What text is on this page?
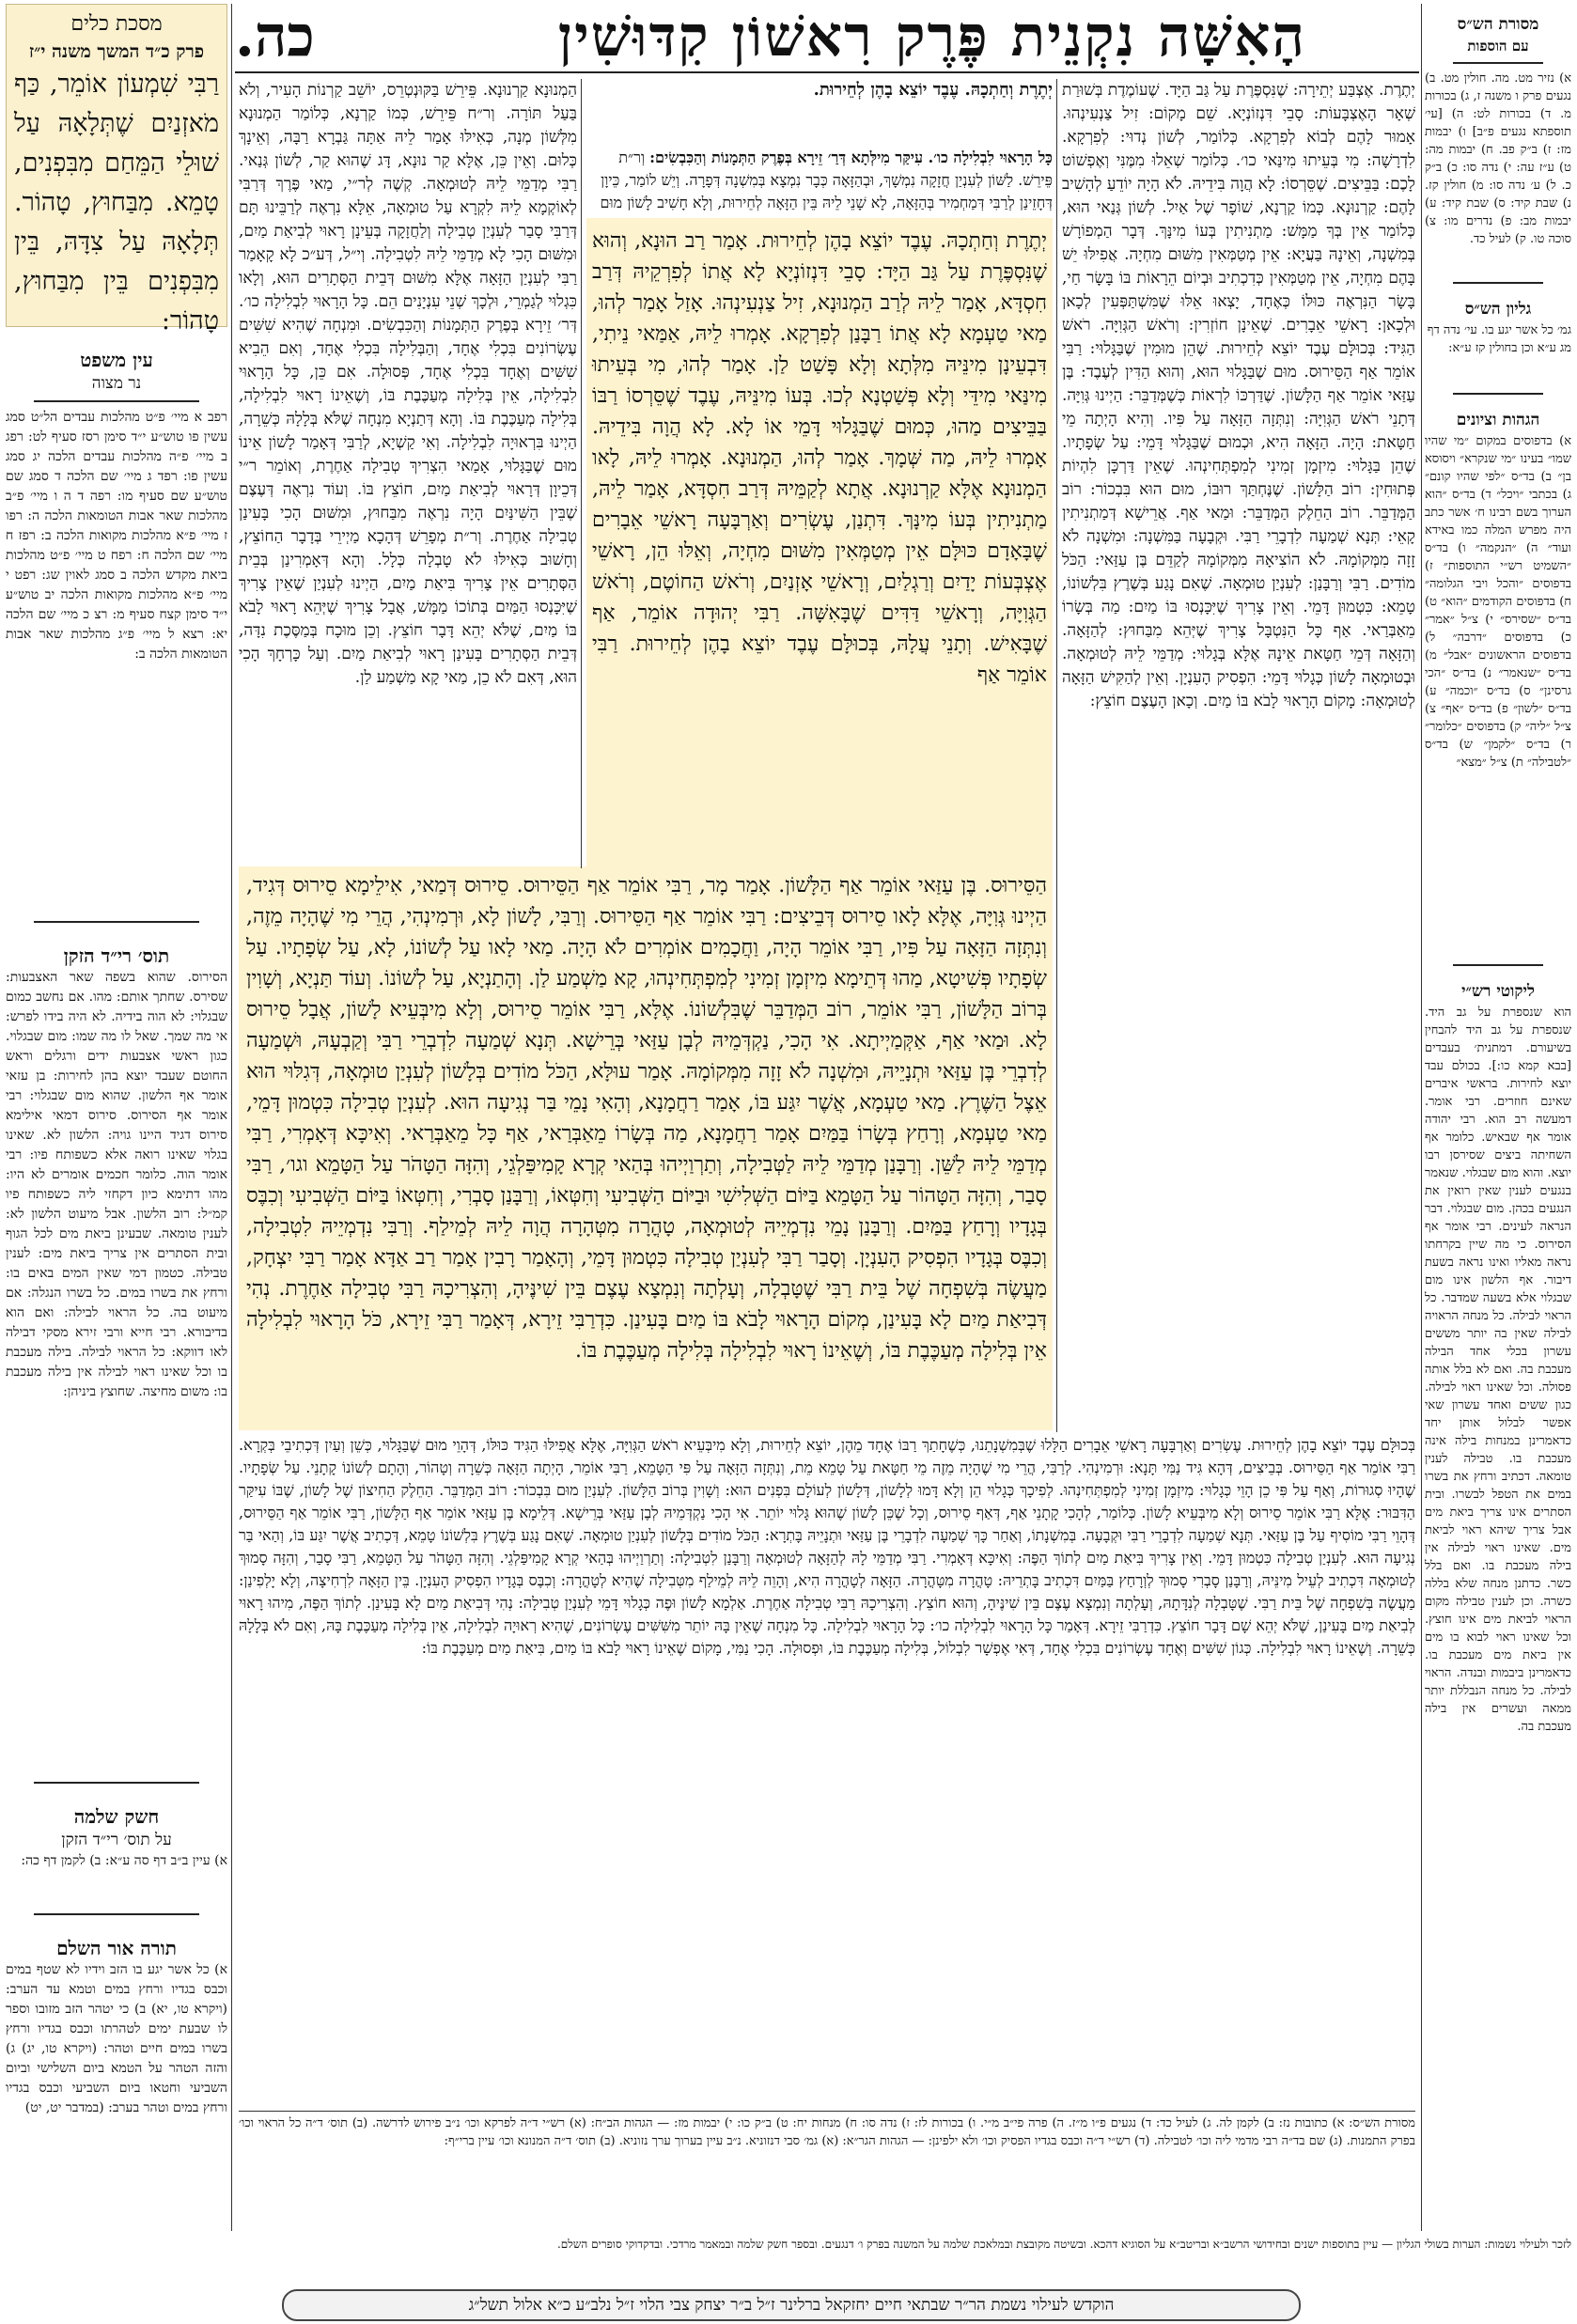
הָאִשָּׁה נִקְנֵית פֶּרֶק רִאשׁוֹן קִדּוּשִׁין
כה.	מסורת הש״ס
עם הוספות
א) נזיר מט. מה. חולין מט. ב) נגעים פרק ו משנה ז, ג) בכורות מ. ד) בכורות לט: ה) [עי׳ תוספתא נגעים פ״ב] ו) יבמות מז: ז) ב״ק פב. ח) יבמות מה: ט) ע״ז עה: י) נדה סו: כ) ב״ק כ. ל) ע׳ נדה סו: מ) חולין קז. נ) שבת קיד: ס) שבת קיד: ע) יבמות מב: פ) נדרים מו: צ) סוכה טו. ק) לעיל כד.
גליון הש״ס
גמ׳ כל אשר יגע בו. עי׳ נדה דף מג ע״א וכן בחולין קז ע״א:
הגהות וציונים
א) בדפוסים במקום ״מי שהיו שמו״ בעינו ״מי שנקרא״ ויסוסא בן״ ב) בד״ס ״לפי שהיו קונם״ ג) בכתבי ״ויכל״ ד) בד״ס ״הוא הערוך בשם רבינו ח׳ אשר כתב היה מפרש המלה כמו באידא ועוד״ ה) ״הנקמה״ ו) בד״ס ״השמיט רש״י התוספות״ ז) בדפוסים ״והכל ויבי הגלומה״ ח) בדפוסים הקודמים ״הוא״ ט) בד״ס ״שסירס״ י) צ״ל ״אמר״ כ) בדפוסים ״דרבה״ ל) בדפוסים הראשונים ״אבל״ מ) בד״ס ״שנאמר״ נ) בד״ס ״הכי גרסינן״ ס) בד״ס ״וכמה״ ע) בד״ס ״לשון״ פ) בד״ס ״אף״ צ) צ״ל ״ליה״ ק) בדפוסים ״כלומר״ ר) בד״ס ״לקמן״ ש) בד״ס ״לטבילה״ ת) צ״ל ״מצא״
ליקוטי רש״י
הוא שנספרת על גב היד. שנספרת על גב היד להבחין בשיעורם. דמתנית׳ בעבדים [בבא קמא כו:]. בכולם עבד יוצא לחירות. בראשי איברים שאינם חוזרים. רבי אומר. דמעשה רב הוא. רבי יהודה אומר אף שבאיש. כלומר אף השחיתה ביצים שסירסן רבו יוצא. והוא מום שבגלוי. שנאמר בנגעים לענין שאין רואין את הנגעים בכהן. מום שבגלוי. דבר הנראה לעינים. רבי אומר אף הסירוס. כי מה שיין בקרחתו נראה מאליו ואינו נראה בשעת דיבור. אף הלשון אינו מום שבגלוי אלא בשעה שמדבר. כל הראוי לבילה. כל מנחה הראויה לבילה שאין בה יותר מששים עשרון בכלי אחד הבילה מעכבת בה. ואם לא בלל אותה פסולה. וכל שאינו ראוי לבילה. כגון ששים ואחד עשרון שאי אפשר לבלול אותן יחד כדאמרינן במנחות בילה אינה מעכבת בו. טבילה לענין טומאה. דכתיב ורחץ את בשרו במים את הטפל לבשרו. ובית הסתרים אינו צריך ביאת מים אבל צריך שיהא ראוי לביאת מים. שאינו ראוי לבילה אין בילה מעכבת בו. ואם בלל כשר. כדתנן מנחה שלא בללה כשרה. וכן לענין טבילה מקום הראוי לביאת מים אינו חוצץ. וכל שאינו ראוי לבוא בו מים אין ביאת מים מעכבת בו. כדאמרינן ביבמות ובנדה. הראוי לבילה. כל מנחה הנבללת יותר ממאה ועשרים אין בילה מעכבת בה.
יְתֶרֶת. אֶצְבַּע יְתֵירָה: שֶׁנִּסְפֶּרֶת עַל גַּב הַיָּד. שֶׁעוֹמֶדֶת בְּשׁוּרַת שְׁאָר הָאֶצְבָּעוֹת: סָבֵי דִּנְזוֹנְיָא. שֵׁם מָקוֹם: זִיל צַנְעִינְהוּ. אָמוּר לָהֶם לְבוֹא לְפִרְקָא. כְּלוֹמַר, לְשׁוֹן נְדוּי: לְפִרְקָא. לִדְרָשָׁה: מִי בְּעֵיתוּ מִינַּאי כו׳. כְּלוֹמַר שְׁאֵלוּ מִמֶּנִּי וְאֶפְשׁוֹט לָכֶם: בַּבֵּיצִים. שֶׁסֵּרְסוֹ: לָא הֲוָה בִּידֵיהּ. לֹא הָיָה יוֹדֵעַ לְהָשִׁיב לָהֶם: קַרְנוּנָא. כְּמוֹ קַרְנָא, שׁוֹפָר שֶׁל אַיִל. לְשׁוֹן גְּנַאי הוּא, כְּלוֹמַר אֵין בְּךָ מַמָּשׁ: מַתְנִיתִין בְּעוֹ מִינָּךְ. דְּבָר הַמְפוֹרָשׁ בְּמִשְׁנָה, וְאֵינָהּ בַּעֲיָא: אֵין מְטַמְּאִין מִשּׁוּם מִחְיָה. אֲפִילּוּ יֵשׁ בָּהֶם מִחְיָה, אֵין מְטַמְּאִין כְּדִכְתִיב וּבְיוֹם הֵרָאוֹת בּוֹ בָּשָׂר חַי, בָּשָׂר הַנִּרְאֶה כּוּלּוֹ כְּאֶחָד, יָצְאוּ אֵלּוּ שֶׁמִּשְׁתַּפְּעִין לְכָאן וּלְכָאן: רָאשֵׁי אֵבָרִים. שֶׁאֵינָן חוֹזְרִין: וְרֹאשׁ הַגְּוִיָּה. רֹאשׁ הַגִּיד: בְּכוּלָּם עֶבֶד יוֹצֵא לְחֵירוּת. שֶׁהֵן מוּמִין שֶׁבַּגָּלוּי: רַבִּי אוֹמֵר אַף הַסֵּירוּס. מוּם שֶׁבַּגָּלוּי הוּא, וְהוּא הַדִּין לְעֶבֶד: בֶּן עַזַּאי אוֹמֵר אַף הַלָּשׁוֹן. שֶׁדַּרְכּוֹ לִרְאוֹת כְּשֶׁמְּדַבֵּר: הַיְינוּ גְּוִיָּה. דְּתָנֵי רֹאשׁ הַגְּוִיָּה: וְנִתְּזָה הַזָּאָה עַל פִּיו. וְהִיא הָיְתָה מֵי חַטָּאת: הָיָה. הַזָּאָה הִיא, וּכְמוּם שֶׁבַּגָּלוּי דָּמֵי: עַל שְׂפָתָיו. שֶׁהֵן בַּגָּלוּי: מִיזְמָן זְמִינִי לְמִפְתְּחִינְהוּ. שֶׁאֵין דַּרְכָּן לִהְיוֹת פְּתוּחִין: רוֹב הַלָּשׁוֹן. שֶׁנֶּחְתַּךְ רוּבּוֹ, מוּם הוּא בִּבְכוֹר: רוֹב הַמְּדַבֵּר. רוֹב הַחֵלֶק הַמְּדַבֵּר: וּמַאי אַף. אֲרֵישָׁא דְּמַתְנִיתִין קָאֵי: תְּנָא שְׁמַעָה לִדְבָרֵי רַבִּי. וּקְבָעָה בַּמִּשְׁנָה: וּמִשְׁנָה לֹא זָזָה מִמְּקוֹמָהּ. לֹא הוֹצִיאָהּ מִמְּקוֹמָהּ לְקַדֵּם בֶּן עַזַּאי: הַכֹּל מוֹדִים. רַבִּי וְרַבָּנַן: לְעִנְיַן טוּמְאָה. שֶׁאִם נָגַע בְּשֶׁרֶץ בִּלְשׁוֹנוֹ, טָמֵא: כִּטְמוּן דָּמֵי. וְאֵין צָרִיךְ שֶׁיִּכָּנְסוּ בּוֹ מַיִם: מַה בְּשָׂרוֹ מֵאַבְּרַאי. אַף כָּל הַנִּטְבָּל צָרִיךְ שֶׁיְּהֵא מִבַּחוּץ: לְהַזָּאָה. וְהַזָּאָה דְּמֵי חַטָּאת אֵינָהּ אֶלָּא בְּגָלוּי: מְדַמֵּי לֵיהּ לְטוּמְאָה. וּבְטוּמְאָה לָשׁוֹן כְּגָלוּי דָּמֵי: הִפְסִיק הָעִנְיָן. וְאֵין לְהַקִּישׁ הַזָּאָה לְטוּמְאָה: מָקוֹם הָרָאוּי לָבֹא בּוֹ מַיִם. וְכָאן הָעֶצֶם חוֹצֵץ:
יְתֶרֶת וְחַתְכָהּ. עֶבֶד יוֹצֵא בָהֶן לְחֵירוּת.
כָּל הָרָאוּי לִבְלִילָה כו׳. עִיקַּר מִילְּתָא דְּרַ׳ זֵירָא בְּפֶרֶק הַתְּמָנוֹת וְהַכִּבְשִׂים: וְר״ת פֵּירֵשׁ. לַשּׁוֹן לְעִנְיַן חֲזָקָה נִמְשָׁךְ, וּבְהַזָּאָה כְּבָר נִמְצָא בְּמִשְׁנָה דְּפָרָה. וְיֵשׁ לוֹמַר, כֵּיוָן דְּחָזֵינַן לְרַבִּי דְּמַחְמִיר בְּהַזָּאָה, לָא שָׁנֵי לֵיהּ בֵּין הַזָּאָה לְחֵירוּת, וְלָא חָשִׁיב לָשׁוֹן מוּם
יְתֶרֶת וְחַתְכָהּ. עֶבֶד יוֹצֵא בָהֶן לְחֵירוּת. אָמַר רַב הוּנָא, וְהוּא שֶׁנִּסְפֶּרֶת עַל גַּב הַיָּד: סָבֵי דִּנְזוֹנְיָא לָא אֲתוֹ לְפִרְקֵיהּ דְּרַב חִסְדָּא, אָמַר לֵיהּ לְרַב הַמְנוּנָא, זִיל צַנְעִינְהוּ. אָזַל אָמַר לְהוּ, מַאי טַעְמָא לָא אֲתוֹ רַבָּנַן לְפִרְקָא. אָמְרוּ לֵיהּ, אַמַּאי נֵיתִי, דִּבְעֵינָן מִינֵּיהּ מִלְּתָא וְלָא פָּשַׁט לַן. אָמַר לְהוּ, מִי בְּעֵיתוּ מִינַּאי מִידֵּי וְלָא פְּשַׁטְנָא לְכוּ. בְּעוֹ מִינֵּיהּ, עֶבֶד שֶׁסֵּרְסוֹ רַבּוֹ בַּבֵּיצִים מַהוּ, כְּמוּם שֶׁבַּגָּלוּי דָּמֵי אוֹ לָא. לָא הֲוָה בִּידֵיהּ. אָמְרוּ לֵיהּ, מַה שְּׁמָךְ. אָמַר לְהוּ, הַמְנוּנָא. אָמְרוּ לֵיהּ, לָאו הַמְנוּנָא אֶלָּא קַרְנוּנָא. אֲתָא לְקַמֵּיהּ דְּרַב חִסְדָּא, אָמַר לֵיהּ, מַתְנִיתִין בְּעוֹ מִינָּךְ. דִּתְנַן, עֶשְׂרִים וְאַרְבָּעָה רָאשֵׁי אֵבָרִים שֶׁבָּאָדָם כּוּלָּם אֵין מְטַמְּאִין מִשּׁוּם מִחְיָה, וְאֵלּוּ הֵן, רָאשֵׁי אֶצְבְּעוֹת יָדַיִם וְרַגְלַיִם, וְרָאשֵׁי אָזְנַיִם, וְרֹאשׁ הַחוֹטֶם, וְרֹאשׁ הַגְּוִיָּה, וְרָאשֵׁי דַּדִּים שֶׁבָּאִשָּׁה. רַבִּי יְהוּדָה אוֹמֵר, אַף שֶׁבָּאִישׁ. וְתָנֵי עֲלָהּ, בְּכוּלָּם עֶבֶד יוֹצֵא בָהֶן לְחֵירוּת. רַבִּי אוֹמֵר אַף
הַסֵּירוּס. בֶּן עַזַּאי אוֹמֵר אַף הַלָּשׁוֹן. אָמַר מָר, רַבִּי אוֹמֵר אַף הַסֵּירוּס. סֵירוּס דְּמַאי, אִילֵימָא סֵירוּס דְּגִיד, הַיְינוּ גְּוִיָּה, אֶלָּא לָאו סֵירוּס דְּבֵיצִים: רַבִּי אוֹמֵר אַף הַסֵּירוּס. וְרַבִּי, לָשׁוֹן לָא, וּרְמִינְהִי, הֲרֵי מִי שֶׁהָיָה מֵזֶה, וְנִתְּזָה הַזָּאָה עַל פִּיו, רַבִּי אוֹמֵר הָיָה, וַחֲכָמִים אוֹמְרִים לֹא הָיָה. מַאי לָאו עַל לְשׁוֹנוֹ, לָא, עַל שְׂפָתָיו. עַל שְׂפָתָיו פְּשִׁיטָא, מַהוּ דְּתֵימָא מִיזְמָן זְמִינִי לְמִפְתְּחִינְהוּ, קָא מַשְׁמַע לַן. וְהָתַנְיָא, עַל לְשׁוֹנוֹ. וְעוֹד תַּנְיָא, וְשָׁוִין בְּרוֹב הַלָּשׁוֹן, רַבִּי אוֹמֵר, רוֹב הַמְּדַבֵּר שֶׁבִּלְשׁוֹנוֹ. אֶלָּא, רַבִּי אוֹמֵר סֵירוּס, וְלָא מִיבְּעֵיא לָשׁוֹן, אֲבָל סֵירוּס לָא. וּמַאי אַף, אַקְּמַיְיתָא. אִי הָכִי, נַקְדְּמֵיהּ לְבֶן עַזַּאי בְּרֵישָׁא. תְּנָא שְׁמַעָה לִדְבְרֵי רַבִּי וְקַבְעָהּ, וּשְׁמַעָה לְדִבְרֵי בֶּן עַזַּאי וּתְנָיֵיהּ, וּמִשְׁנָה לֹא זָזָה מִמְּקוֹמָהּ. אָמַר עוּלָּא, הַכֹּל מוֹדִים בְּלָשׁוֹן לְעִנְיַן טוּמְאָה, דְּגִלּוּי הוּא אֵצֶל הַשֶּׁרֶץ. מַאי טַעְמָא, אֲשֶׁר יִגַּע בּוֹ, אָמַר רַחֲמָנָא, וְהָאִי נָמֵי בַּר נְגִיעָה הוּא. לְעִנְיַן טְבִילָה כִּטְמוּן דָּמֵי, מַאי טַעְמָא, וְרָחַץ בְּשָׂרוֹ בַּמַּיִם אָמַר רַחֲמָנָא, מַה בְּשָׂרוֹ מֵאַבְּרַאי, אַף כָּל מֵאַבְּרַאי. וְאִיכָּא דְּאָמְרִי, רַבִּי מְדַמֵּי לֵיהּ לַשֵּׁן. וְרַבָּנַן מְדַמֵּי לֵיהּ לַטְּבִילָה, וְתַרְוַיְיהוּ בְּהַאי קְרָא קָמִיפַּלְגֵי, וְהִזָּה הַטָּהֹר עַל הַטָּמֵא וגו׳, רַבִּי סָבַר, וְהִזָּה הַטָּהוֹר עַל הַטָּמֵא בַּיּוֹם הַשְּׁלִישִׁי וּבַיּוֹם הַשְּׁבִיעִי וְחִטְּאוֹ, וְרַבָּנַן סָבְרִי, וְחִטְּאוֹ בַּיּוֹם הַשְּׁבִיעִי וְכִבֶּס בְּגָדָיו וְרָחַץ בַּמַּיִם. וְרַבָּנַן נָמֵי נִדְמְיֵיהּ לְטוּמְאָה, טָהֳרָה מִטְּהָרָה הֲוָה לֵיהּ לְמֵילַף. וְרַבִּי נִדְמְיֵיהּ לִטְבִילָה, וְכִבֶּס בְּגָדָיו הִפְסִיק הָעִנְיָן. וְסָבַר רַבִּי לְעִנְיַן טְבִילָה כִּטְמוּן דָּמֵי, וְהָאָמַר רָבִין אָמַר רַב אַדָּא אָמַר רַבִּי יִצְחָק, מַעֲשֶׂה בְּשִׁפְחָה שֶׁל בֵּית רַבִּי שֶׁטָּבְלָה, וְעָלְתָה וְנִמְצָא עֶצֶם בֵּין שִׁינֶּיהָ, וְהִצְרִיכָהּ רַבִּי טְבִילָה אַחֶרֶת. נְהִי דְּבִיאַת מַיִם לָא בָּעִינַן, מְקוֹם הָרָאוּי לָבֹא בּוֹ מַיִם בָּעִינַן. כִּדְרַבִּי זֵירָא, דְּאָמַר רַבִּי זֵירָא, כֹּל הָרָאוּי לִבְלִילָה אֵין בְּלִילָה מְעַכֶּבֶת בּוֹ, וְשֶׁאֵינוֹ רָאוּי לִבְלִילָה בְּלִילָה מְעַכֶּבֶת בּוֹ.
הַמְנוּנָא קַרְנוּנָא. פֵּירֵשׁ בַּקּוּנְטְרֵס, יוֹשֵׁב קַרְנוֹת הָעִיר, וְלֹא בַּעַל תּוֹרָה. וְר״ח פֵּירֵשׁ, כְּמוֹ קַרְנָא, כְּלוֹמַר הַמְנוּנָא מִלְּשׁוֹן מְנָה, כְּאִילּוּ אָמַר לֵיהּ אַתָּה גַּבְרָא רַבָּה, וְאֵינָךְ כְּלוּם. וְאֵין כֵּן, אֶלָּא קַר נוּנָא, דָּג שֶׁהוּא קַר, לְשׁוֹן גְּנַאי. רַבִּי מְדַמֵּי לֵיהּ לְטוּמְאָה. קְשֶׁה לְר״י, מַאי פֶּרֶךְ דְּרַבִּי לְאוֹקְמָא לֵיהּ לִקְרָא עַל טוּמְאָה, אֵלָּא נִרְאֶה לְרַבֵּינוּ תָּם דְּרַבִּי סָבַר לְעִנְיַן טְבִילָה וְלַחֲזָקָה בְּעֵינָן רָאוּי לְבִיאַת מַיִם, וּמִשּׁוּם הָכִי לָא מְדַמֵּי לֵיהּ לִטְבִילָה. וְי״ל, דְּע״כ לָא קָאָמַר רַבִּי לְעִנְיַן הַזָּאָה אֶלָּא מִשּׁוּם דְּבֵית הַסְּתָרִים הוּא, וְלָאו כִּגְלוּי לְגַמְרֵי, וּלְכָךְ שְׁנֵי עִנְיָנִים הֵם. כָּל הָרָאוּי לִבְלִילָה כו׳. דְּר׳ זֵירָא בְּפֶרֶק הַתְּמָנוֹת וְהַכִּבְשִׂים. וּמִנְחָה שֶׁהִיא שִׁשִּׁים עֶשְׂרוֹנִים בִּכְלִי אֶחָד, וְהַבְּלִילָה בִּכְלִי אֶחָד, וְאִם הֵבִיא שִׁשִּׁים וְאֶחָד בִּכְלִי אֶחָד, פְּסוּלָה. אִם כֵּן, כָּל הָרָאוּי לִבְלִילָה, אֵין בְּלִילָה מְעַכֶּבֶת בּוֹ, וְשֶׁאֵינוֹ רָאוּי לִבְלִילָה, בְּלִילָה מְעַכֶּבֶת בּוֹ. וְהָא דְּתַנְיָא מִנְחָה שֶׁלֹּא בְּלָלָהּ כְּשֵׁרָה, הַיְינוּ בִּרְאוּיָה לִבְלִילָה. וְאִי קַשְׁיָא, לְרַבִּי דְּאָמַר לָשׁוֹן אֵינוֹ מוּם שֶׁבַּגָּלוּי, אָמַאי הִצְרִיךְ טְבִילָה אַחֶרֶת, וְאוֹמֵר ר״י דְּכֵיוָן דְּרָאוּי לְבִיאַת מַיִם, חוֹצֵץ בּוֹ. וְעוֹד נִרְאֶה דְּעֶצֶם שֶׁבֵּין הַשִּׁינַּיִם הָיָה נִרְאֶה מִבַּחוּץ, וּמִשּׁוּם הָכִי בָּעִינַן טְבִילָה אַחֶרֶת. וְר״ת מְפָרֵשׁ דְּהָכָא מַיְירֵי בְּדָבָר הַחוֹצֵץ, וְחָשׁוּב כְּאִילּוּ לֹא טָבְלָה כְּלָל. וְהָא דְּאָמְרִינַן בְּבֵית הַסְּתָרִים אֵין צָרִיךְ בִּיאַת מַיִם, הַיְינוּ לְעִנְיַן שֶׁאֵין צָרִיךְ שֶׁיִּכָּנְסוּ הַמַּיִם בְּתוֹכוֹ מַמָּשׁ, אֲבָל צָרִיךְ שֶׁיְּהֵא רָאוּי לָבֹא בּוֹ מַיִם, שֶׁלֹּא יְהֵא דָּבָר חוֹצֵץ. וְכֵן מוּכָח בְּמַסֶּכֶת נִדָּה, דְּבֵית הַסְּתָרִים בָּעִינַן רָאוּי לְבִיאַת מַיִם. וְעַל כָּרְחָךְ הָכִי הוּא, דְּאִם לֹא כֵן, מַאי קָא מַשְׁמַע לַן.
בְּכוּלָּם עֶבֶד יוֹצֵא בָהֶן לְחֵירוּת. עֶשְׂרִים וְאַרְבָּעָה רָאשֵׁי אֵבָרִים הַלָּלוּ שֶׁבְּמִשְׁנָתֵנוּ, כְּשֶׁחָתַךְ רַבּוֹ אֶחָד מֵהֶן, יוֹצֵא לְחֵירוּת, וְלָא מִיבְּעֵיא רֹאשׁ הַגְּוִיָּה, אֶלָּא אֲפִילּוּ הַגִּיד כּוּלּוֹ, דְּהָוֵי מוּם שֶׁבַּגָּלוּי, כְּשֵׁן וְעַיִן דְּכְתִיבֵי בְּקְרָא. רַבִּי אוֹמֵר אַף הַסֵּירוּס. בְּבֵיצִים, דְּהָא גִּיד נַמִּי תָּנָא: וּרְמִינְהִי. לְרַבִּי, הֲרֵי מִי שֶׁהָיָה מֵזֶה מֵי חַטָּאת עַל טָמֵא מֵת, וְנִתְּזָה הַזָּאָה עַל פִּי הַטָּמֵא, רַבִּי אוֹמֵר, הָיְתָה הַזָּאָה כְּשֵׁרָה וְטָהוֹר, וְהָתָם לְשׁוֹנוֹ קָתָנֵי. עַל שְׂפָתָיו. שֶׁהָיוּ סְגוּרוֹת, וְאַף עַל פִּי כֵן הָוֵי כְּגָלוּי: מִיזְמָן זְמִינִי לְמִפְתְּחִינְהוּ. לְפִיכָךְ כְּגָלוּי הֵן וְלָא דָּמוּ לְלָשׁוֹן, דְּלָשׁוֹן לְעוֹלָם בִּפְנִים הוּא: וְשָׁוִין בְּרוֹב הַלָּשׁוֹן. לְעִנְיַן מוּם בִּבְכוֹר: רוֹב הַמְּדַבֵּר. הַחֵלֶק הַחִיצוֹן שֶׁל לָשׁוֹן, שֶׁבּוֹ עִיקַּר הַדִּבּוּר: אֶלָּא רַבִּי אוֹמֵר סֵירוּס וְלָא מִיבְּעֵיא לָשׁוֹן. כְּלוֹמַר, לְהָכִי קָתָנֵי אַף, דְּאַף סֵירוּס, וְכָל שֶׁכֵּן לָשׁוֹן שֶׁהוּא גָּלוּי יוֹתֵר. אִי הָכִי נַקְדְּמֵיהּ לְבֶן עַזַּאי בְּרֵישָׁא. דְּלֵימָא בֶּן עַזַּאי אוֹמֵר אַף הַלָּשׁוֹן, רַבִּי אוֹמֵר אַף הַסֵּירוּס, דְּהָוֵי רַבִּי מוֹסִיף עַל בֶּן עַזַּאי. תְּנָא שְׁמַעָה לִדְבָרֵי רַבִּי וּקְבָעָה. בְּמִשְׁנָתוֹ, וְאַחַר כָּךְ שְׁמַעָה לִדְבָרֵי בֶּן עַזַּאי וּתְנָיֵיהּ בָּתְרָא: הַכֹּל מוֹדִים בְּלָשׁוֹן לְעִנְיַן טוּמְאָה. שֶׁאִם נָגַע בְּשֶׁרֶץ בִּלְשׁוֹנוֹ טָמֵא, דְּכְתִיב אֲשֶׁר יִגַּע בּוֹ, וְהַאי בַּר נְגִיעָה הוּא. לְעִנְיַן טְבִילָה כִּטְמוּן דָּמֵי. וְאֵין צָרִיךְ בִּיאַת מַיִם לְתוֹךְ הַפֶּה: וְאִיכָּא דְּאָמְרִי. רַבִּי מְדַמֵּי לָהּ לְהַזָּאָה לְטוּמְאָה וְרַבָּנַן לִטְבִילָה: וְתַרְוַיְיהוּ בְּהַאי קְרָא קָמִיפַּלְגֵי. וְהִזָּה הַטָּהֹר עַל הַטָּמֵא, רַבִּי סָבַר, וְהִזָּה סָמוּךְ לְטוּמְאָה דִּכְתִיב לְעֵיל מִינֵּיהּ, וְרַבָּנַן סָבְרִי סָמוּךְ לְוְרָחַץ בַּמַּיִם דִּכְתִיב בָּתְרֵיהּ: טָהֳרָה מִטָּהֳרָה. הַזָּאָה לְטָהֳרָה הִיא, וְהָוֵה לֵיהּ לְמֵילַף מִטְּבִילָה שֶׁהִיא לְטָהֳרָה: וְכִבֶּס בְּגָדָיו הִפְסִיק הָעִנְיָן. בֵּין הַזָּאָה לִרְחִיצָה, וְלָא יָלְפִינַן: מַעֲשֶׂה בְּשִׁפְחָה שֶׁל בֵּית רַבִּי. שֶׁטָּבְלָה לְנִדָּתָהּ, וְעָלְתָה וְנִמְצָא עֶצֶם בֵּין שִׁינֶּיהָ, וְהוּא חוֹצֵץ. וְהִצְרִיכָהּ רַבִּי טְבִילָה אַחֶרֶת. אַלְמָא לָשׁוֹן וּפֶה כְּגָלוּי דָּמֵי לְעִנְיַן טְבִילָה: נְהִי דְּבִיאַת מַיִם לָא בָּעִינַן. לְתוֹךְ הַפֶּה, מִיהוּ רָאוּי לְבִיאַת מַיִם בָּעִינַן, שֶׁלֹּא יְהֵא שָׁם דָּבָר חוֹצֵץ. כִּדְרַבִּי זֵירָא. דְּאָמַר כָּל הָרָאוּי לִבְלִילָה כו׳: כָּל הָרָאוּי לִבְלִילָה. כָּל מִנְחָה שֶׁאֵין בָּהּ יוֹתֵר מִשִּׁשִּׁים עֶשְׂרוֹנִים, שֶׁהִיא רְאוּיָה לִבְלִילָה, אֵין בְּלִילָה מְעַכֶּבֶת בָּהּ, וְאִם לֹא בְּלָלָהּ כְּשֵׁרָה. וְשֶׁאֵינוֹ רָאוּי לִבְלִילָה. כְּגוֹן שִׁשִּׁים וְאֶחָד עֶשְׂרוֹנִים בִּכְלִי אֶחָד, דְּאִי אֶפְשָׁר לִבְלוֹל, בְּלִילָה מְעַכֶּבֶת בּוֹ, וּפְסוּלָה. הָכִי נַמִּי, מָקוֹם שֶׁאֵינוֹ רָאוּי לָבֹא בּוֹ מַיִם, בִּיאַת מַיִם מְעַכֶּבֶת בּוֹ:
מסורת הש״ס: א) כתובות נז: ב) לקמן לה. ג) לעיל כד: ד) נגעים פ״ו מ״ז. ה) פרה פי״ב מ״י. ו) בכורות לז: ז) נדה סו: ח) מנחות יח: ט) ב״ק כו: י) יבמות מז: — הגהות הב״ח: (א) רש״י ד״ה לפרקא וכו׳ נ״ב פירוש לדרשה. (ב) תוס׳ ד״ה כל הראוי וכו׳ בפרק התמנות. (ג) שם בד״ה רבי מדמי ליה וכו׳ לטבילה. (ד) רש״י ד״ה וכבס בגדיו הפסיק וכו׳ ולא ילפינן: — הגהות הגר״א: (א) גמ׳ סבי דנזוניא. נ״ב עיין בערוך ערך נזוניא. (ב) תוס׳ ד״ה המנונא וכו׳ עיין ברי״ף:
מסכת כלים
פרק כ״ד המשך משנה י״ז
רַבִּי שִׁמְעוֹן אוֹמֵר, כַּף מֹאזְנַיִם שֶׁתְּלָאָהּ עַל שׁוּלֵי הַמֵּחַם מִבִּפְנִים, טָמֵא. מִבַּחוּץ, טָהוֹר. תְּלָאָהּ עַל צִדָּהּ, בֵּין מִבִּפְנִים בֵּין מִבַּחוּץ, טָהוֹר:
עין משפט
נר מצוה
רפב א מיי׳ פ״ט מהלכות עבדים הל״ט סמג עשין פו טוש״ע י״ד סימן רסז סעיף לט: רפג ב מיי׳ פ״ה מהלכות עבדים הלכה יג סמג עשין פו: רפד ג מיי׳ שם הלכה ד סמג שם טוש״ע שם סעיף מו: רפה ד ה ו מיי׳ פ״ב מהלכות שאר אבות הטומאות הלכה ה: רפו ז מיי׳ פ״א מהלכות מקואות הלכה ב: רפז ח מיי׳ שם הלכה ח: רפח ט מיי׳ פ״ט מהלכות ביאת מקדש הלכה ב סמג לאוין שג: רפט י מיי׳ פ״א מהלכות מקואות הלכה יב טוש״ע י״ד סימן קצח סעיף מ: רצ כ מיי׳ שם הלכה יא: רצא ל מיי׳ פ״ג מהלכות שאר אבות הטומאות הלכה ב:
תוס׳ רי״ד הזקן
הסירוס. שהוא בשפה שאר האצבעות: שסירס. שחתך אותם: מהו. אם נחשב כמום שבגלוי: לא הוה בידיה. לא היה בידו לפרש: אי מה שמך. שאל לו מה שמו: מום שבגלוי. כגון ראשי אצבעות ידים ורגלים וראש החוטם שעבד יוצא בהן לחירות: בן עזאי אומר אף הלשון. שהוא מום שבגלוי: רבי אומר אף הסירוס. סירוס דמאי אילימא סירוס דגיד היינו גויה: הלשון לא. שאינו בגלוי שאינו רואה אלא כשפותח פיו: רבי אומר הוה. כלומר חכמים אומרים לא היו: מהו דתימא כיון דקחזי ליה כשפותח פיו קמ״ל: רוב הלשון. אבל מיעוט הלשון לא: לענין טומאה. שבעינן ביאת מים לכל הגוף ובית הסתרים אין צריך ביאת מים: לענין טבילה. כטמון דמי שאין המים באים בו: ורחץ את בשרו במים. כל בשרו הנגלה: אם מיעוט בה. כל הראוי לבילה: ואם הוא בדיבורא. רבי חייא ורבי זירא מסקי דבילה לאו דווקא: כל הראוי לבילה. בילה מעכבת בו וכל שאינו ראוי לבילה אין בילה מעכבת בו: משום מחיצה. שחוצץ ביניהן:
חשק שלמה
על תוס׳ רי״ד הזקן
א) עיין ב״ב דף סה ע״א: ב) לקמן דף כה:
תורה אור השלם
א) כל אשר יגע בו הזב וידיו לא שטף במים וכבס בגדיו ורחץ במים וטמא עד הערב: (ויקרא טו, יא) ב) כי יטהר הזב מזובו וספר לו שבעת ימים לטהרתו וכבס בגדיו ורחץ בשרו במים חיים וטהר: (ויקרא טו, יג) ג) והזה הטהר על הטמא ביום השלישי וביום השביעי וחטאו ביום השביעי וכבס בגדיו ורחץ במים וטהר בערב: (במדבר יט, יט)
לזכר ולעילוי נשמות: הערות בשולי הגליון — עיין בתוספות ישנים ובחידושי הרשב״א ובריטב״א על הסוגיא דהכא. ובשיטה מקובצת ובמלאכת שלמה על המשנה בפרק ו׳ דנגעים. ובספר חשק שלמה ובמאמר מרדכי. ובדקדוקי סופרים השלם.
הוקדש לעילוי נשמת הר״ר שבתאי חיים יחזקאל ברלינר ז״ל ב״ר יצחק צבי הלוי ז״ל נלב״ע כ״א אלול תשל״ג
